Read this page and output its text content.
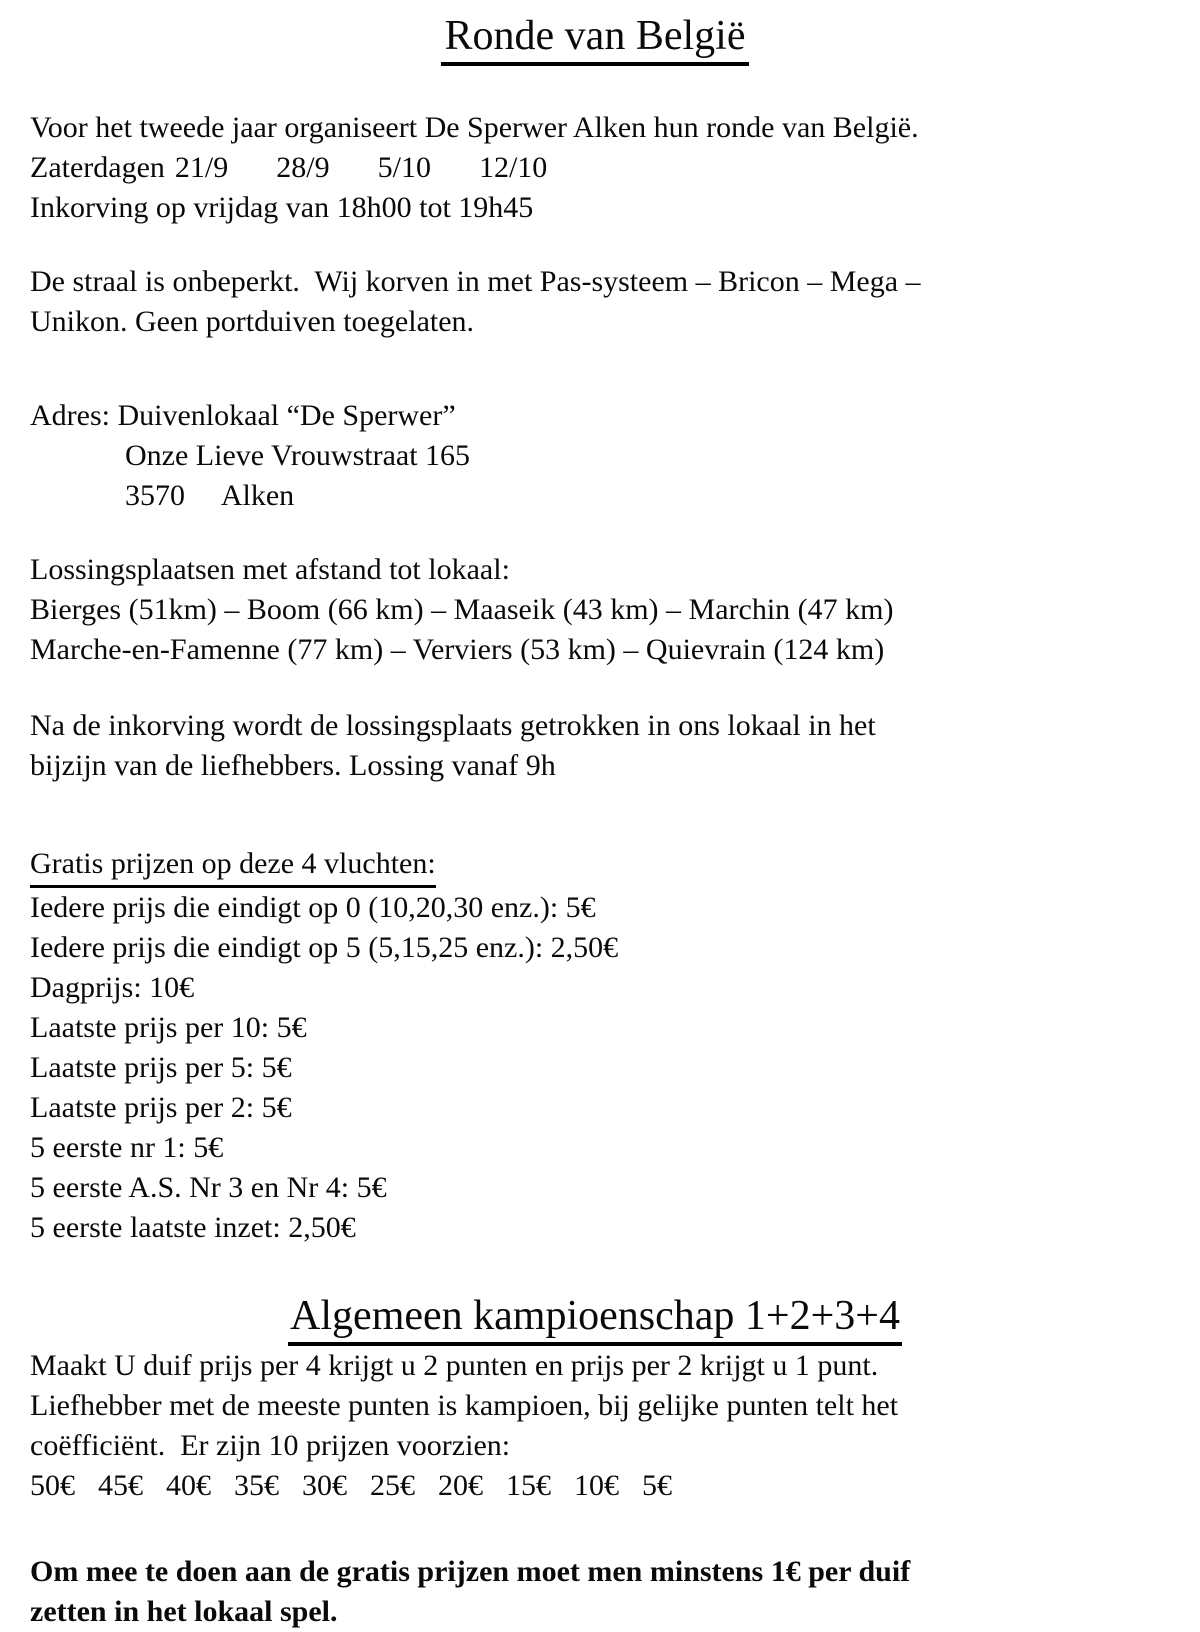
Ronde van België
Voor het tweede jaar organiseert De Sperwer Alken hun ronde van België.
Zaterdagen 21/9 28/9 5/10 12/10
Inkorving op vrijdag van 18h00 tot 19h45
De straal is onbeperkt.  Wij korven in met Pas-systeem – Bricon – Mega –
Unikon. Geen portduiven toegelaten.
Adres: Duivenlokaal “De Sperwer”
Onze Lieve Vrouwstraat 165
3570     Alken
Lossingsplaatsen met afstand tot lokaal:
Bierges (51km) – Boom (66 km) – Maaseik (43 km) – Marchin (47 km)
Marche-en-Famenne (77 km) – Verviers (53 km) – Quievrain (124 km)
Na de inkorving wordt de lossingsplaats getrokken in ons lokaal in het
bijzijn van de liefhebbers. Lossing vanaf 9h
Gratis prijzen op deze 4 vluchten:
Iedere prijs die eindigt op 0 (10,20,30 enz.): 5€
Iedere prijs die eindigt op 5 (5,15,25 enz.): 2,50€
Dagprijs: 10€
Laatste prijs per 10: 5€
Laatste prijs per 5: 5€
Laatste prijs per 2: 5€
5 eerste nr 1: 5€
5 eerste A.S. Nr 3 en Nr 4: 5€
5 eerste laatste inzet: 2,50€
Algemeen kampioenschap 1+2+3+4
Maakt U duif prijs per 4 krijgt u 2 punten en prijs per 2 krijgt u 1 punt.
Liefhebber met de meeste punten is kampioen, bij gelijke punten telt het
coëfficiënt.  Er zijn 10 prijzen voorzien:
50€ 45€ 40€ 35€ 30€ 25€ 20€ 15€ 10€ 5€
Om mee te doen aan de gratis prijzen moet men minstens 1€ per duif
zetten in het lokaal spel.
